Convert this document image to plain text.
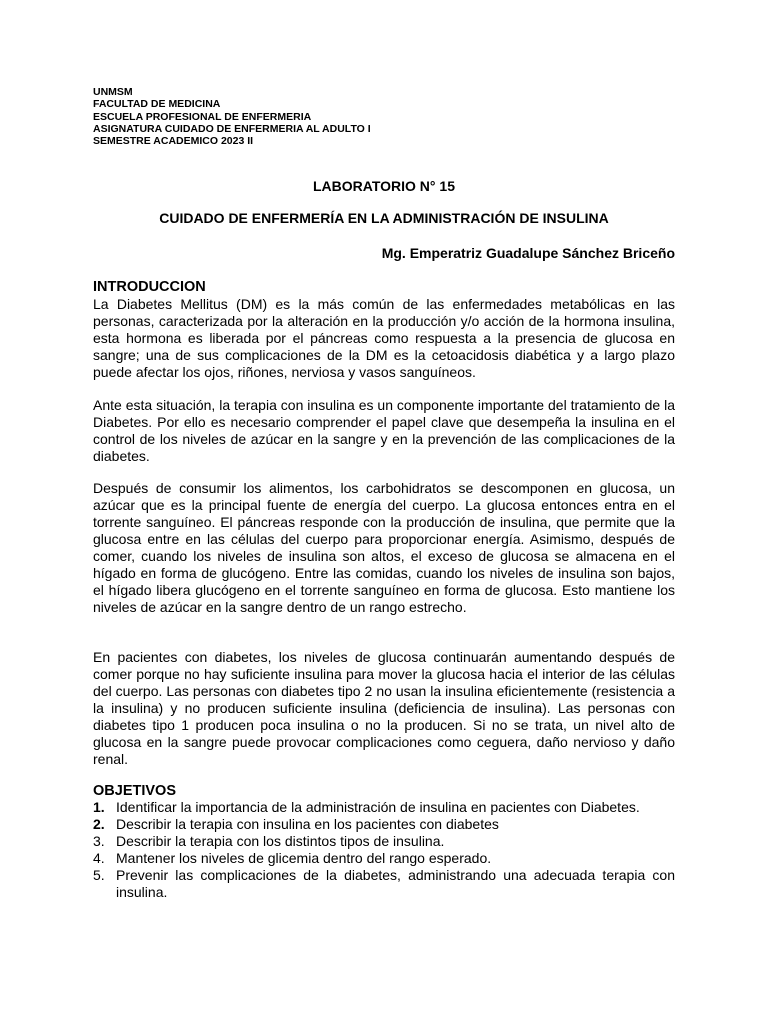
UNMSM
FACULTAD DE MEDICINA
ESCUELA PROFESIONAL DE ENFERMERIA
ASIGNATURA CUIDADO DE ENFERMERIA AL ADULTO I
SEMESTRE ACADEMICO 2023 II
LABORATORIO N° 15
CUIDADO DE ENFERMERÍA EN LA ADMINISTRACIÓN DE INSULINA
Mg. Emperatriz Guadalupe Sánchez Briceño
INTRODUCCION

La Diabetes Mellitus (DM) es la más común de las enfermedades metabólicas en las personas, caracterizada por la alteración en la producción y/o acción de la hormona insulina, esta hormona es liberada por el páncreas como respuesta a la presencia de glucosa en sangre; una de sus complicaciones de la DM es la cetoacidosis diabética y a largo plazo puede afectar los ojos, riñones, nerviosa y vasos sanguíneos.

Ante esta situación, la terapia con insulina es un componente importante del tratamiento de la Diabetes. Por ello es necesario comprender el papel clave que desempeña la insulina en el control de los niveles de azúcar en la sangre y en la prevención de las complicaciones de la diabetes.

Después de consumir los alimentos, los carbohidratos se descomponen en glucosa, un azúcar que es la principal fuente de energía del cuerpo. La glucosa entonces entra en el torrente sanguíneo. El páncreas responde con la producción de insulina, que permite que la glucosa entre en las células del cuerpo para proporcionar energía. Asimismo, después de comer, cuando los niveles de insulina son altos, el exceso de glucosa se almacena en el hígado en forma de glucógeno. Entre las comidas, cuando los niveles de insulina son bajos, el hígado libera glucógeno en el torrente sanguíneo en forma de glucosa. Esto mantiene los niveles de azúcar en la sangre dentro de un rango estrecho.

En pacientes con diabetes, los niveles de glucosa continuarán aumentando después de comer porque no hay suficiente insulina para mover la glucosa hacia el interior de las células del cuerpo. Las personas con diabetes tipo 2 no usan la insulina eficientemente (resistencia a la insulina) y no producen suficiente insulina (deficiencia de insulina). Las personas con diabetes tipo 1 producen poca insulina o no la producen. Si no se trata, un nivel alto de glucosa en la sangre puede provocar complicaciones como ceguera, daño nervioso y daño renal.

OBJETIVOS
1. Identificar la importancia de la administración de insulina en pacientes con Diabetes.
2. Describir la terapia con insulina en los pacientes con diabetes
3. Describir la terapia con los distintos tipos de insulina.
4. Mantener los niveles de glicemia dentro del rango esperado.
5. Prevenir las complicaciones de la diabetes, administrando una adecuada terapia con insulina.
